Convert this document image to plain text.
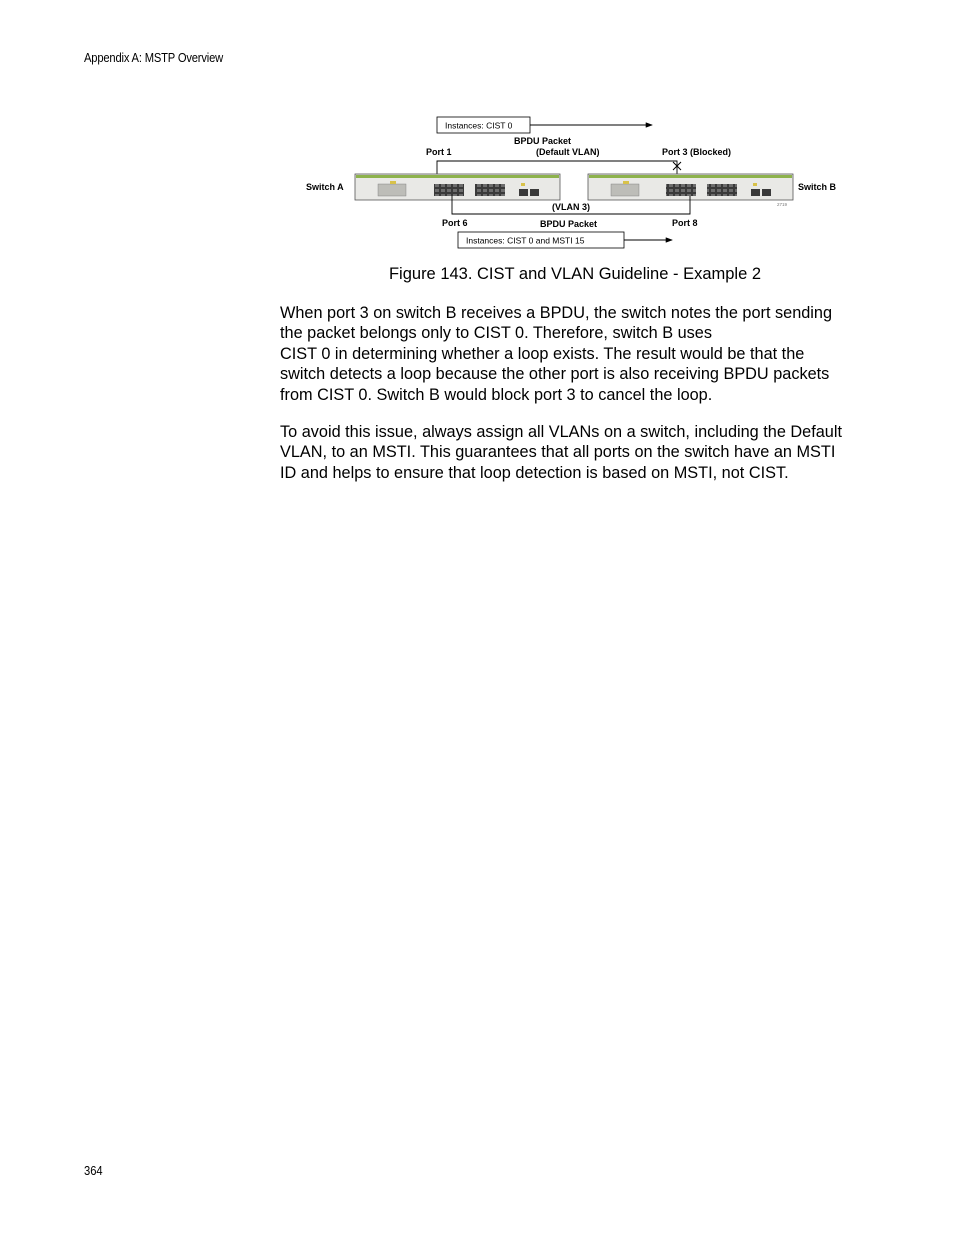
Appendix A: MSTP Overview
Instances: CIST 0
BPDU Packet
(Default VLAN)
Port 1	Port 3 (Blocked)
Switch A	Switch B
2719
(VLAN 3)
Port 6	BPDU Packet	Port 8
Instances: CIST 0 and MSTI 15
Figure 143. CIST and VLAN Guideline - Example 2

When port 3 on switch B receives a BPDU, the switch notes the port sending
the packet belongs only to CIST 0. Therefore, switch B uses
CIST 0 in determining whether a loop exists. The result would be that the
switch detects a loop because the other port is also receiving BPDU packets
from CIST 0. Switch B would block port 3 to cancel the loop.

To avoid this issue, always assign all VLANs on a switch, including the Default
VLAN, to an MSTI. This guarantees that all ports on the switch have an MSTI
ID and helps to ensure that loop detection is based on MSTI, not CIST.

364
